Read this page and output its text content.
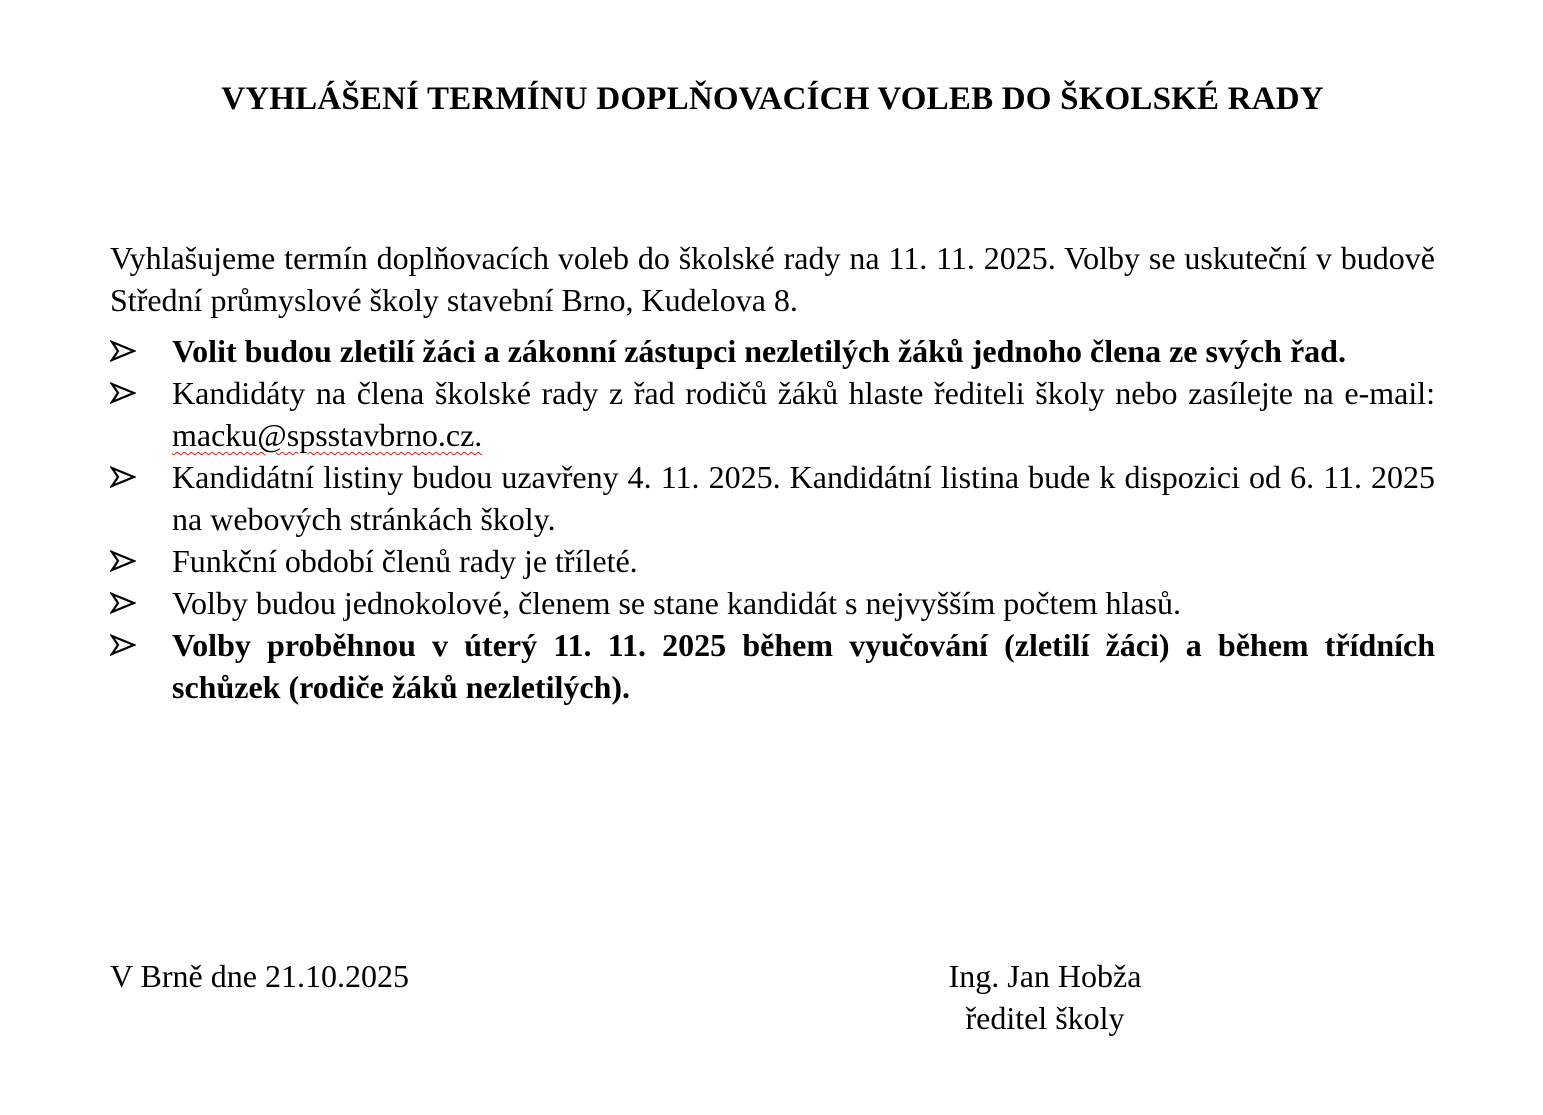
VYHLÁŠENÍ TERMÍNU DOPLŇOVACÍCH VOLEB DO ŠKOLSKÉ RADY

Vyhlašujeme termín doplňovacích voleb do školské rady na 11. 11. 2025. Volby se uskuteční v budově Střední průmyslové školy stavební Brno, Kudelova 8.

Volit budou zletilí žáci a zákonní zástupci nezletilých žáků jednoho člena ze svých řad.
Kandidáty na člena školské rady z řad rodičů žáků hlaste řediteli školy nebo zasílejte na e-mail: macku@spsstavbrno.cz.
Kandidátní listiny budou uzavřeny 4. 11. 2025. Kandidátní listina bude k dispozici od 6. 11. 2025 na webových stránkách školy.
Funkční období členů rady je tříleté.
Volby budou jednokolové, členem se stane kandidát s nejvyšším počtem hlasů.
Volby proběhnou v úterý 11. 11. 2025 během vyučování (zletilí žáci) a během třídních schůzek (rodiče žáků nezletilých).
V Brně dne 21.10.2025	Ing. Jan Hobža
ředitel školy
